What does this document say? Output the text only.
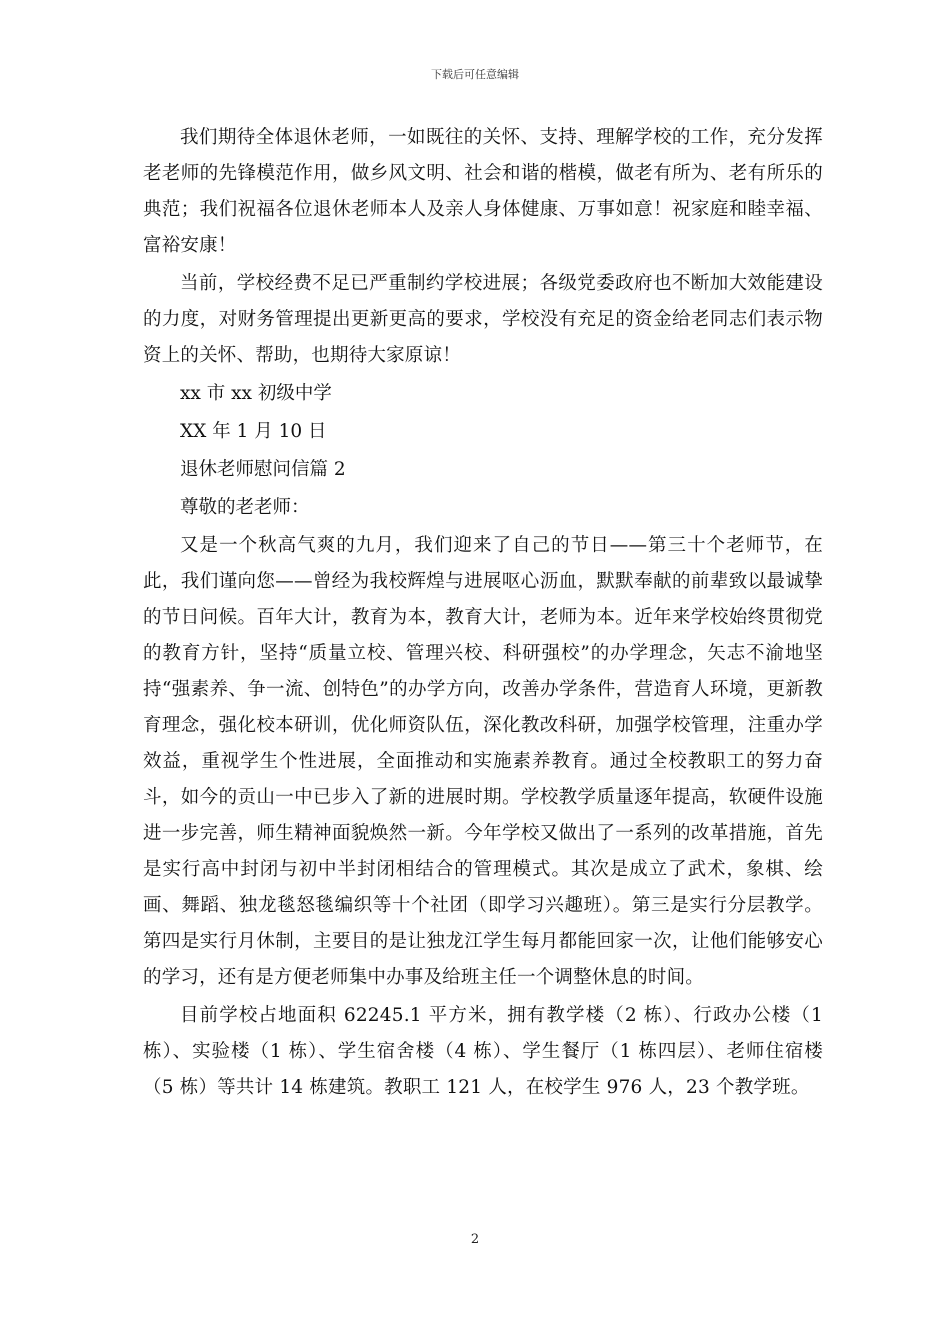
下载后可任意编辑

我们期待全体退休老师，一如既往的关怀、支持、理解学校的工作，充分发挥老老师的先锋模范作用，做乡风文明、社会和谐的楷模，做老有所为、老有所乐的典范；我们祝福各位退休老师本人及亲人身体健康、万事如意！祝家庭和睦幸福、富裕安康！

当前，学校经费不足已严重制约学校进展；各级党委政府也不断加大效能建设的力度，对财务管理提出更新更高的要求，学校没有充足的资金给老同志们表示物资上的关怀、帮助，也期待大家原谅！

xx 市 xx 初级中学

XX 年 1 月 10 日

退休老师慰问信篇 2

尊敬的老老师：

又是一个秋高气爽的九月，我们迎来了自己的节日——第三十个老师节，在此，我们谨向您——曾经为我校辉煌与进展呕心沥血，默默奉献的前辈致以最诚挚的节日问候。百年大计，教育为本，教育大计，老师为本。近年来学校始终贯彻党的教育方针，坚持“质量立校、管理兴校、科研强校”的办学理念，矢志不渝地坚持“强素养、争一流、创特色”的办学方向，改善办学条件，营造育人环境，更新教育理念，强化校本研训，优化师资队伍，深化教改科研，加强学校管理，注重办学效益，重视学生个性进展，全面推动和实施素养教育。通过全校教职工的努力奋斗，如今的贡山一中已步入了新的进展时期。学校教学质量逐年提高，软硬件设施进一步完善，师生精神面貌焕然一新。今年学校又做出了一系列的改革措施，首先是实行高中封闭与初中半封闭相结合的管理模式。其次是成立了武术，象棋、绘画、舞蹈、独龙毯怒毯编织等十个社团（即学习兴趣班）。第三是实行分层教学。第四是实行月休制，主要目的是让独龙江学生每月都能回家一次，让他们能够安心的学习，还有是方便老师集中办事及给班主任一个调整休息的时间。

目前学校占地面积 62245.1 平方米，拥有教学楼（2 栋）、行政办公楼（1 栋）、实验楼（1 栋）、学生宿舍楼（4 栋）、学生餐厅（1 栋四层）、老师住宿楼（5 栋）等共计 14 栋建筑。教职工 121 人，在校学生 976 人，23 个教学班。

2
